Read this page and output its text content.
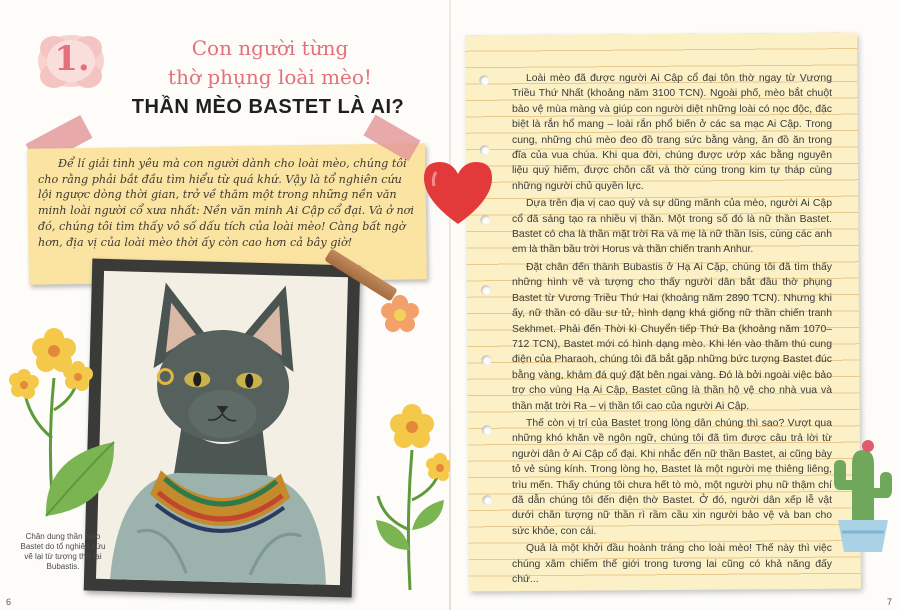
1.	Con người từng
thờ phụng loài mèo!
THẦN MÈO BASTET LÀ AI?
Để lí giải tình yêu mà con người dành cho loài mèo, chúng tôi cho rằng phải bắt đầu tìm hiểu từ quá khứ. Vậy là tổ nghiên cứu lội ngược dòng thời gian, trở về thăm một trong những nền văn minh loài người cổ xưa nhất: Nền văn minh Ai Cập cổ đại. Và ở nơi đó, chúng tôi tìm thấy vô số dấu tích của loài mèo! Càng bất ngờ hơn, địa vị của loài mèo thời ấy còn cao hơn cả bây giờ!
Chân dung thần mèo Bastet do tổ nghiên cứu vẽ lại từ tượng thờ tại Bubastis.
6

Loài mèo đã được người Ai Cập cổ đại tôn thờ ngay từ Vương Triều Thứ Nhất (khoảng năm 3100 TCN). Ngoài phố, mèo bắt chuột bảo vệ mùa màng và giúp con người diệt những loài có nọc độc, đặc biệt là rắn hổ mang – loài rắn phổ biến ở các sa mạc Ai Cập. Trong cung, những chú mèo đeo đồ trang sức bằng vàng, ăn đồ ăn trong đĩa của vua chúa. Khi qua đời, chúng được ướp xác bằng nguyên liệu quý hiếm, được chôn cất và thờ cúng trong kim tự tháp cùng những người chủ quyền lực.

Dựa trên địa vị cao quý và sự dũng mãnh của mèo, người Ai Cập cổ đã sáng tạo ra nhiều vị thần. Một trong số đó là nữ thần Bastet. Bastet có cha là thần mặt trời Ra và mẹ là nữ thần Isis, cùng các anh em là thần bầu trời Horus và thần chiến tranh Anhur.

Đặt chân đến thành Bubastis ở Hạ Ai Cập, chúng tôi đã tìm thấy những hình vẽ và tượng cho thấy người dân bắt đầu thờ phụng Bastet từ Vương Triều Thứ Hai (khoảng năm 2890 TCN). Nhưng khi ấy, nữ thần có dầu sư tử, hình dạng khá giống nữ thần chiến tranh Sekhmet. Phải đến Thời kì Chuyển tiếp Thứ Ba (khoảng năm 1070–712 TCN), Bastet mới có hình dạng mèo. Khi lén vào thăm thú cung điện của Pharaoh, chúng tôi đã bắt gặp những bức tượng Bastet đúc bằng vàng, khảm đá quý đặt bên ngai vàng. Đó là bởi ngoài việc bảo trợ cho vùng Hạ Ai Cập, Bastet cũng là thần hộ vệ cho nhà vua và thần mặt trời Ra – vị thần tối cao của người Ai Cập.

Thế còn vị trí của Bastet trong lòng dân chúng thì sao? Vượt qua những khó khăn về ngôn ngữ, chúng tôi đã tìm được câu trả lời từ người dân ở Ai Cập cổ đại. Khi nhắc đến nữ thần Bastet, ai cũng bày tỏ vẻ sùng kính. Trong lòng họ, Bastet là một người mẹ thiêng liêng, trìu mến. Thấy chúng tôi chưa hết tò mò, một người phụ nữ thậm chí đã dẫn chúng tôi đến điện thờ Bastet. Ở đó, người dân xếp lễ vật dưới chân tượng nữ thần rì rầm cầu xin người bảo vệ và ban cho sức khỏe, con cái.

Quả là một khởi đầu hoành tráng cho loài mèo! Thế này thì việc chúng xâm chiếm thế giới trong tương lai cũng có khả năng đấy chứ...

7
